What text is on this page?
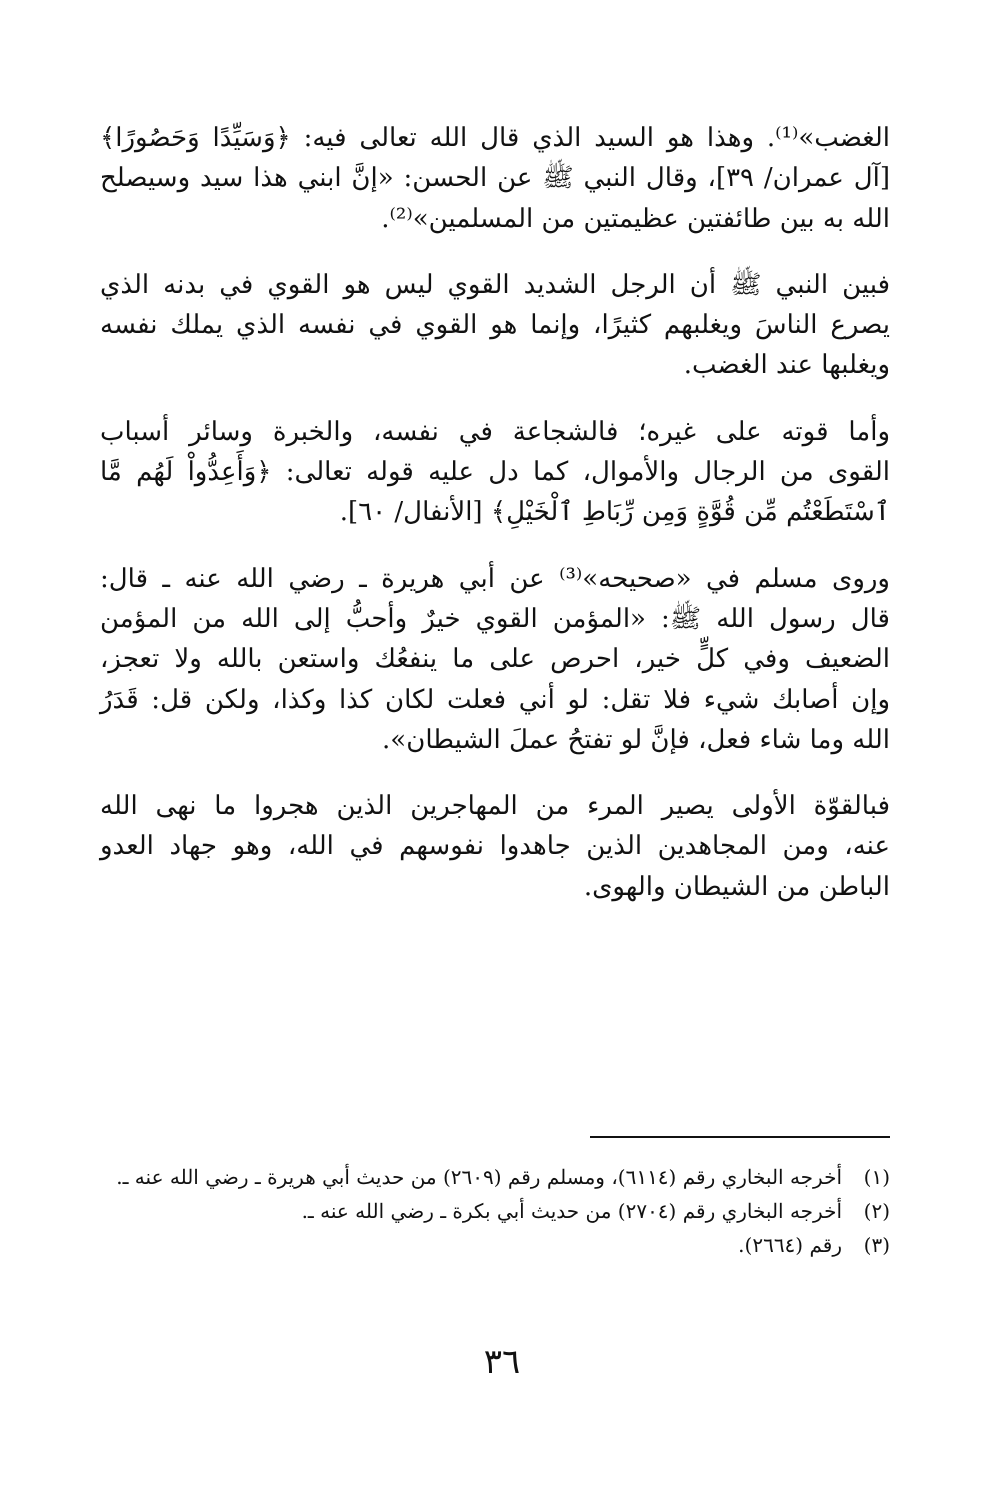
الغضب»⁽¹⁾. وهذا هو السيد الذي قال الله تعالى فيه: ﴿وَسَيِّدًا وَحَصُورًا﴾
[آل عمران/ ٣٩]، وقال النبي ﷺ عن الحسن: «إنَّ ابني هذا سيد وسيصلح
الله به بين طائفتين عظيمتين من المسلمين»⁽²⁾.

فبين النبي ﷺ أن الرجل الشديد القوي ليس هو القوي في بدنه الذي
يصرع الناسَ ويغلبهم كثيرًا، وإنما هو القوي في نفسه الذي يملك نفسه
ويغلبها عند الغضب.

وأما قوته على غيره؛ فالشجاعة في نفسه، والخبرة وسائر أسباب
القوى من الرجال والأموال، كما دل عليه قوله تعالى: ﴿وَأَعِدُّواْ لَهُم مَّا
ٱسْتَطَعْتُم مِّن قُوَّةٍ وَمِن رِّبَاطِ ٱلْخَيْلِ﴾ [الأنفال/ ٦٠].

وروى مسلم في «صحيحه»⁽³⁾ عن أبي هريرة ـ رضي الله عنه ـ قال:
قال رسول الله ﷺ: «المؤمن القوي خيرٌ وأحبُّ إلى الله من المؤمن
الضعيف وفي كلٍّ خير، احرص على ما ينفعُك واستعن بالله ولا تعجز،
وإن أصابك شيء فلا تقل: لو أني فعلت لكان كذا وكذا، ولكن قل: قَدَرُ
الله وما شاء فعل، فإنَّ لو تفتحُ عملَ الشيطان».

فبالقوّة الأولى يصير المرء من المهاجرين الذين هجروا ما نهى الله
عنه، ومن المجاهدين الذين جاهدوا نفوسهم في الله، وهو جهاد العدو
الباطن من الشيطان والهوى.

(١)
أخرجه البخاري رقم (٦١١٤)، ومسلم رقم (٢٦٠٩) من حديث أبي هريرة ـ رضي الله عنه ـ.
(٢)
أخرجه البخاري رقم (٢٧٠٤) من حديث أبي بكرة ـ رضي الله عنه ـ.
(٣)
رقم (٢٦٦٤).
٣٦
